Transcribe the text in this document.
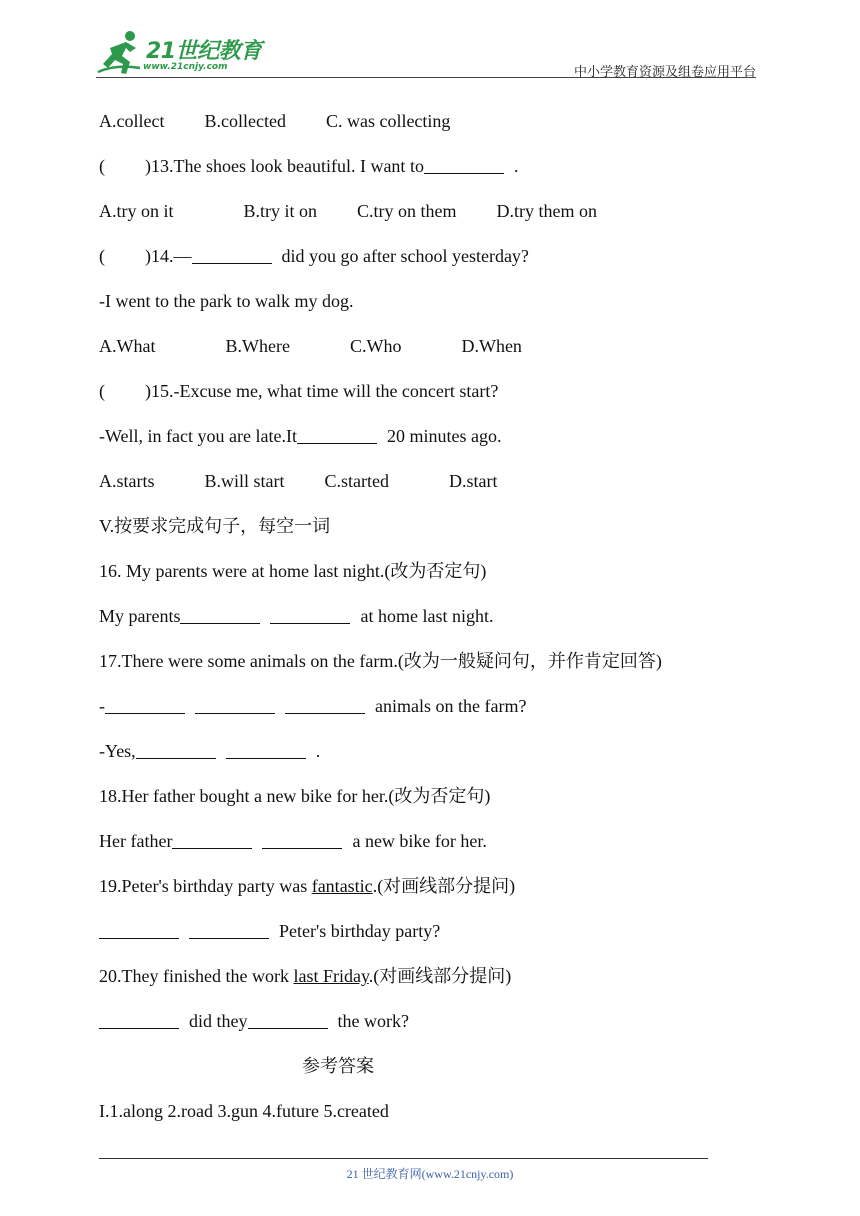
21世纪教育
www.21cnjy.com	中小学教育资源及组卷应用平台
A.collect B.collected C. was collecting
( )13.The shoes look beautiful. I want to	.
A.try on it	B.try it on C.try on them D.try them on
( )14.—	did you go after school yesterday?
-I went to the park to walk my dog.
A.What	B.Where	C.Who	D.When
( )15.-Excuse me, what time will the concert start?
-Well, in fact you are late.It	20 minutes ago.
A.starts	B.will start C.started	D.start
V.按要求完成句子，每空一词
16. My parents were at home last night.(改为否定句)
My parents	at home last night.
17.There were some animals on the farm.(改为一般疑问句，并作肯定回答)
-	animals on the farm?
-Yes,	.
18.Her father bought a new bike for her.(改为否定句)
Her father	a new bike for her.
19.Peter's birthday party was fantastic.(对画线部分提问)
Peter's birthday party?
20.They finished the work last Friday.(对画线部分提问)
did they	the work?
参考答案
I.1.along 2.road 3.gun 4.future 5.created
21 世纪教育网(www.21cnjy.com)
